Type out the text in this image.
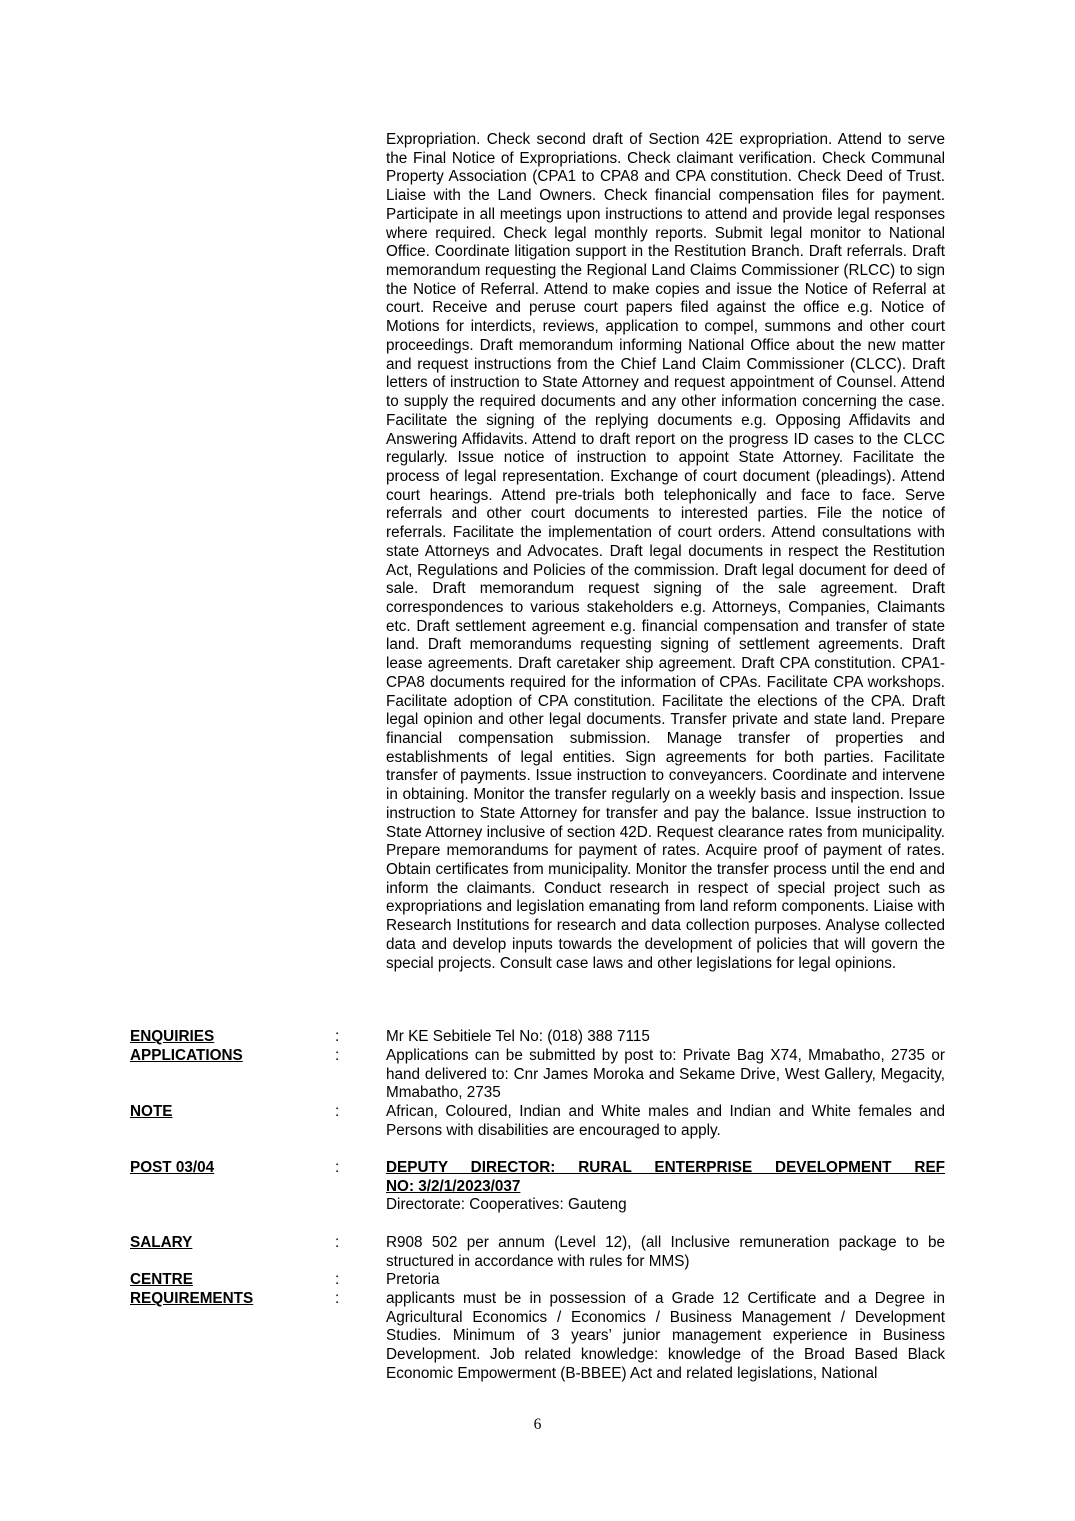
Expropriation. Check second draft of Section 42E expropriation. Attend to serve the Final Notice of Expropriations. Check claimant verification. Check Communal Property Association (CPA1 to CPA8 and CPA constitution. Check Deed of Trust. Liaise with the Land Owners. Check financial compensation files for payment. Participate in all meetings upon instructions to attend and provide legal responses where required. Check legal monthly reports. Submit legal monitor to National Office. Coordinate litigation support in the Restitution Branch. Draft referrals. Draft memorandum requesting the Regional Land Claims Commissioner (RLCC) to sign the Notice of Referral. Attend to make copies and issue the Notice of Referral at court. Receive and peruse court papers filed against the office e.g. Notice of Motions for interdicts, reviews, application to compel, summons and other court proceedings. Draft memorandum informing National Office about the new matter and request instructions from the Chief Land Claim Commissioner (CLCC). Draft letters of instruction to State Attorney and request appointment of Counsel. Attend to supply the required documents and any other information concerning the case. Facilitate the signing of the replying documents e.g. Opposing Affidavits and Answering Affidavits. Attend to draft report on the progress ID cases to the CLCC regularly. Issue notice of instruction to appoint State Attorney. Facilitate the process of legal representation. Exchange of court document (pleadings). Attend court hearings. Attend pre-trials both telephonically and face to face. Serve referrals and other court documents to interested parties. File the notice of referrals. Facilitate the implementation of court orders. Attend consultations with state Attorneys and Advocates. Draft legal documents in respect the Restitution Act, Regulations and Policies of the commission. Draft legal document for deed of sale. Draft memorandum request signing of the sale agreement. Draft correspondences to various stakeholders e.g. Attorneys, Companies, Claimants etc. Draft settlement agreement e.g. financial compensation and transfer of state land. Draft memorandums requesting signing of settlement agreements. Draft lease agreements. Draft caretaker ship agreement. Draft CPA constitution. CPA1-CPA8 documents required for the information of CPAs. Facilitate CPA workshops. Facilitate adoption of CPA constitution. Facilitate the elections of the CPA. Draft legal opinion and other legal documents. Transfer private and state land. Prepare financial compensation submission. Manage transfer of properties and establishments of legal entities. Sign agreements for both parties. Facilitate transfer of payments. Issue instruction to conveyancers. Coordinate and intervene in obtaining. Monitor the transfer regularly on a weekly basis and inspection. Issue instruction to State Attorney for transfer and pay the balance. Issue instruction to State Attorney inclusive of section 42D. Request clearance rates from municipality. Prepare memorandums for payment of rates. Acquire proof of payment of rates. Obtain certificates from municipality. Monitor the transfer process until the end and inform the claimants. Conduct research in respect of special project such as expropriations and legislation emanating from land reform components. Liaise with Research Institutions for research and data collection purposes. Analyse collected data and develop inputs towards the development of policies that will govern the special projects. Consult case laws and other legislations for legal opinions.

ENQUIRIES	:	Mr KE Sebitiele Tel No: (018) 388 7115
APPLICATIONS	:	Applications can be submitted by post to: Private Bag X74, Mmabatho, 2735 or hand delivered to: Cnr James Moroka and Sekame Drive, West Gallery, Megacity, Mmabatho, 2735
NOTE	:	African, Coloured, Indian and White males and Indian and White females and Persons with disabilities are encouraged to apply.
POST 03/04	:	DEPUTY DIRECTOR: RURAL ENTERPRISE DEVELOPMENT REF

NO: 3/2/1/2023/037

Directorate: Cooperatives: Gauteng

SALARY	:	R908 502 per annum (Level 12), (all Inclusive remuneration package to be structured in accordance with rules for MMS)
CENTRE	:	Pretoria
REQUIREMENTS	:	applicants must be in possession of a Grade 12 Certificate and a Degree in Agricultural Economics / Economics / Business Management / Development Studies. Minimum of 3 years’ junior management experience in Business Development. Job related knowledge: knowledge of the Broad Based Black Economic Empowerment (B-BBEE) Act and related legislations, National
6
